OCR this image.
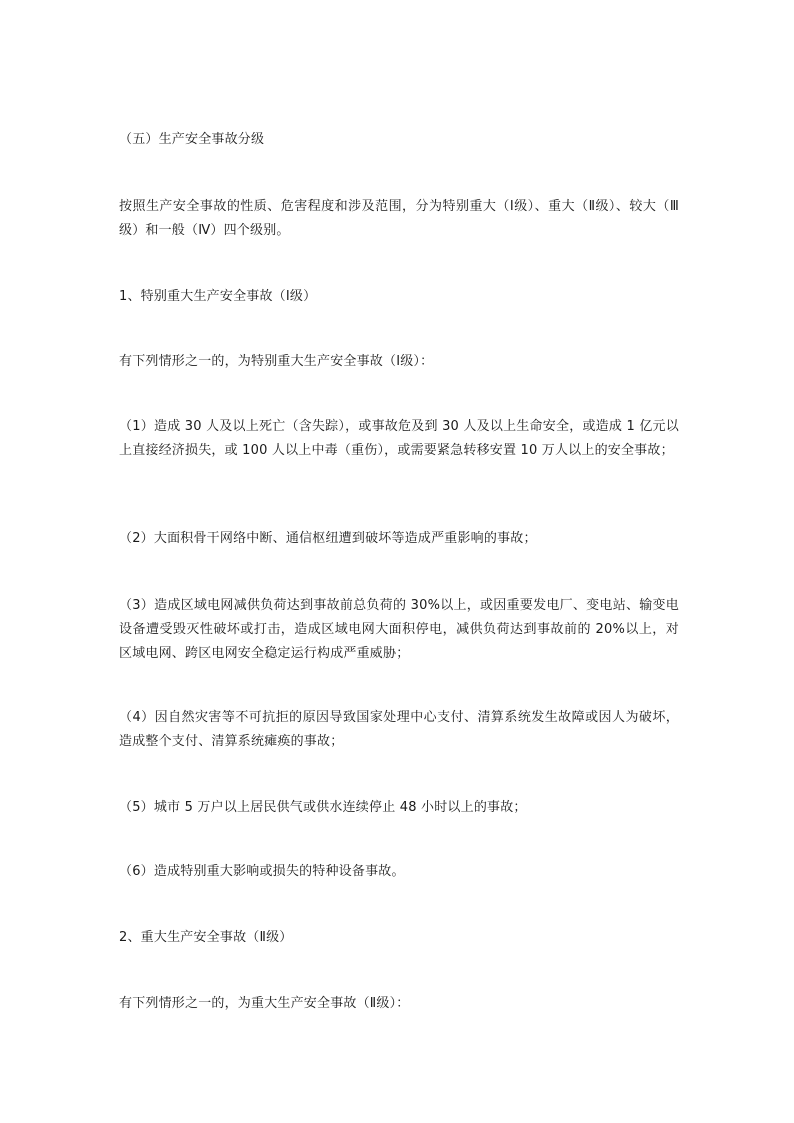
（五）生产安全事故分级

按照生产安全事故的性质、危害程度和涉及范围，分为特别重大（Ⅰ级）、重大（Ⅱ级）、较大（Ⅲ级）和一般（Ⅳ）四个级别。

1、特别重大生产安全事故（Ⅰ级）

有下列情形之一的，为特别重大生产安全事故（Ⅰ级）：

（1）造成 30 人及以上死亡（含失踪），或事故危及到 30 人及以上生命安全，或造成 1 亿元以上直接经济损失，或 100 人以上中毒（重伤），或需要紧急转移安置 10 万人以上的安全事故；

（2）大面积骨干网络中断、通信枢纽遭到破坏等造成严重影响的事故；

（3）造成区域电网减供负荷达到事故前总负荷的 30%以上，或因重要发电厂、变电站、输变电设备遭受毁灭性破坏或打击，造成区域电网大面积停电，减供负荷达到事故前的 20%以上，对区域电网、跨区电网安全稳定运行构成严重威胁；

（4）因自然灾害等不可抗拒的原因导致国家处理中心支付、清算系统发生故障或因人为破坏，造成整个支付、清算系统瘫痪的事故；

（5）城市 5 万户以上居民供气或供水连续停止 48 小时以上的事故；

（6）造成特别重大影响或损失的特种设备事故。

2、重大生产安全事故（Ⅱ级）

有下列情形之一的，为重大生产安全事故（Ⅱ级）：
